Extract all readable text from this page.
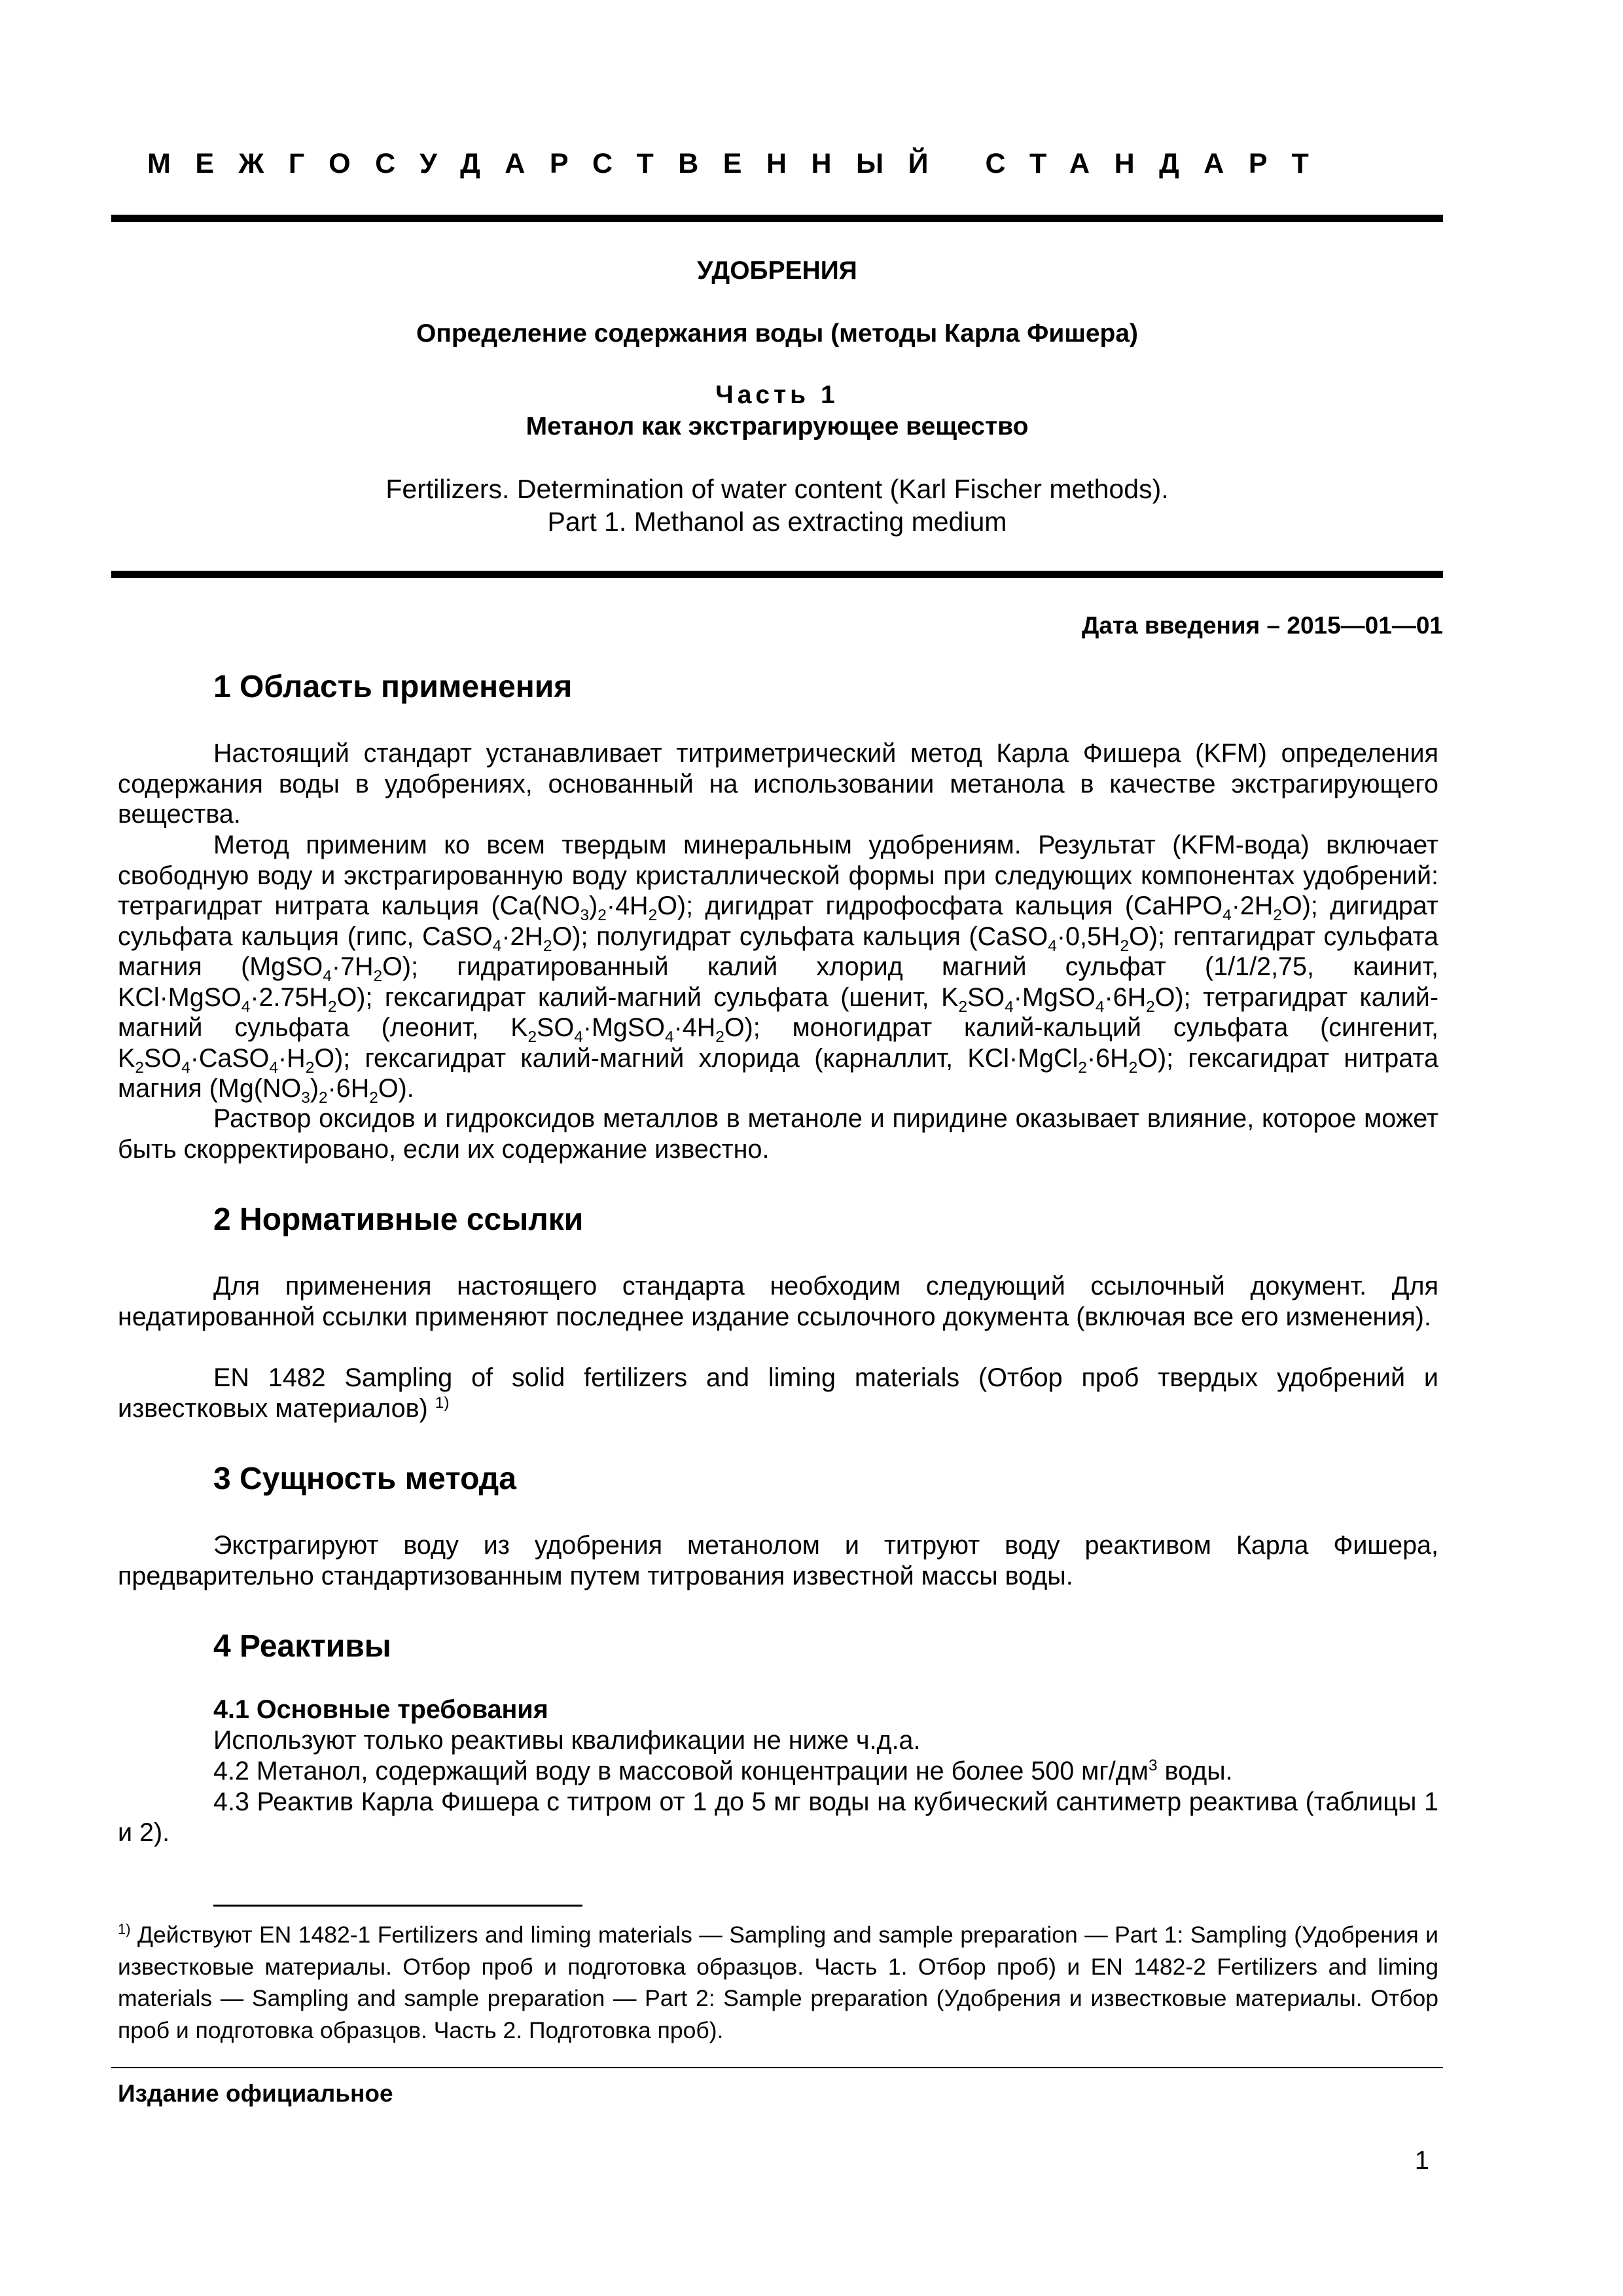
МЕЖГОСУДАРСТВЕННЫЙ СТАНДАРТ

УДОБРЕНИЯ

Определение содержания воды (методы Карла Фишера)

Часть 1

Метанол как экстрагирующее вещество

Fertilizers. Determination of water content (Karl Fischer methods).

Part 1. Methanol as extracting medium

Дата введения – 2015—01—01

1 Область применения

Настоящий стандарт устанавливает титриметрический метод Карла Фишера (KFM) определения содержания воды в удобрениях, основанный на использовании метанола в качестве экстрагирующего вещества.

Метод применим ко всем твердым минеральным удобрениям. Результат (KFM-вода) включает свободную воду и экстрагированную воду кристаллической формы при следующих компонентах удобрений: тетрагидрат нитрата кальция $(Ca(NO_3)_2\cdot 4H_2O)$; дигидрат гидрофосфата кальция $(CaHPO_4\cdot 2H_2O)$; дигидрат сульфата кальция (гипс, $CaSO_4\cdot 2H_2O$); полугидрат сульфата кальция $(CaSO_4\cdot 0,5H_2O)$; гептагидрат сульфата магния $(MgSO_4\cdot 7H_2O)$; гидратированный калий хлорид магний сульфат (1/1/2,75, каинит, $KCl\cdot MgSO_4\cdot 2.75H_2O$); гексагидрат калий-магний сульфата (шенит, $K_2SO_4\cdot MgSO_4\cdot 6H_2O$); тетрагидрат калий-магний сульфата (леонит, $K_2SO_4\cdot MgSO_4\cdot 4H_2O$); моногидрат калий-кальций сульфата (сингенит, $K_2SO_4\cdot CaSO_4\cdot H_2O$); гексагидрат калий-магний хлорида (карналлит, $KCl\cdot MgCl_2\cdot 6H_2O$); гексагидрат нитрата магния $(Mg(NO_3)_2\cdot 6H_2O)$.

Раствор оксидов и гидроксидов металлов в метаноле и пиридине оказывает влияние, которое может быть скорректировано, если их содержание известно.

2 Нормативные ссылки

Для применения настоящего стандарта необходим следующий ссылочный документ. Для недатированной ссылки применяют последнее издание ссылочного документа (включая все его изменения).

EN 1482 Sampling of solid fertilizers and liming materials (Отбор проб твердых удобрений и известковых материалов) $^{1)}$

3 Сущность метода

Экстрагируют воду из удобрения метанолом и титруют воду реактивом Карла Фишера, предварительно стандартизованным путем титрования известной массы воды.

4 Реактивы

4.1 Основные требования

Используют только реактивы квалификации не ниже ч.д.а.

4.2 Метанол, содержащий воду в массовой концентрации не более 500 $мг/дм^3$ воды.

4.3 Реактив Карла Фишера с титром от 1 до 5 мг воды на кубический сантиметр реактива (таблицы 1 и 2).

$^{1)}$ Действуют EN 1482-1 Fertilizers and liming materials — Sampling and sample preparation — Part 1: Sampling (Удобрения и известковые материалы. Отбор проб и подготовка образцов. Часть 1. Отбор проб) и EN 1482-2 Fertilizers and liming materials — Sampling and sample preparation — Part 2: Sample preparation (Удобрения и известковые материалы. Отбор проб и подготовка образцов. Часть 2. Подготовка проб).

Издание официальное

1
